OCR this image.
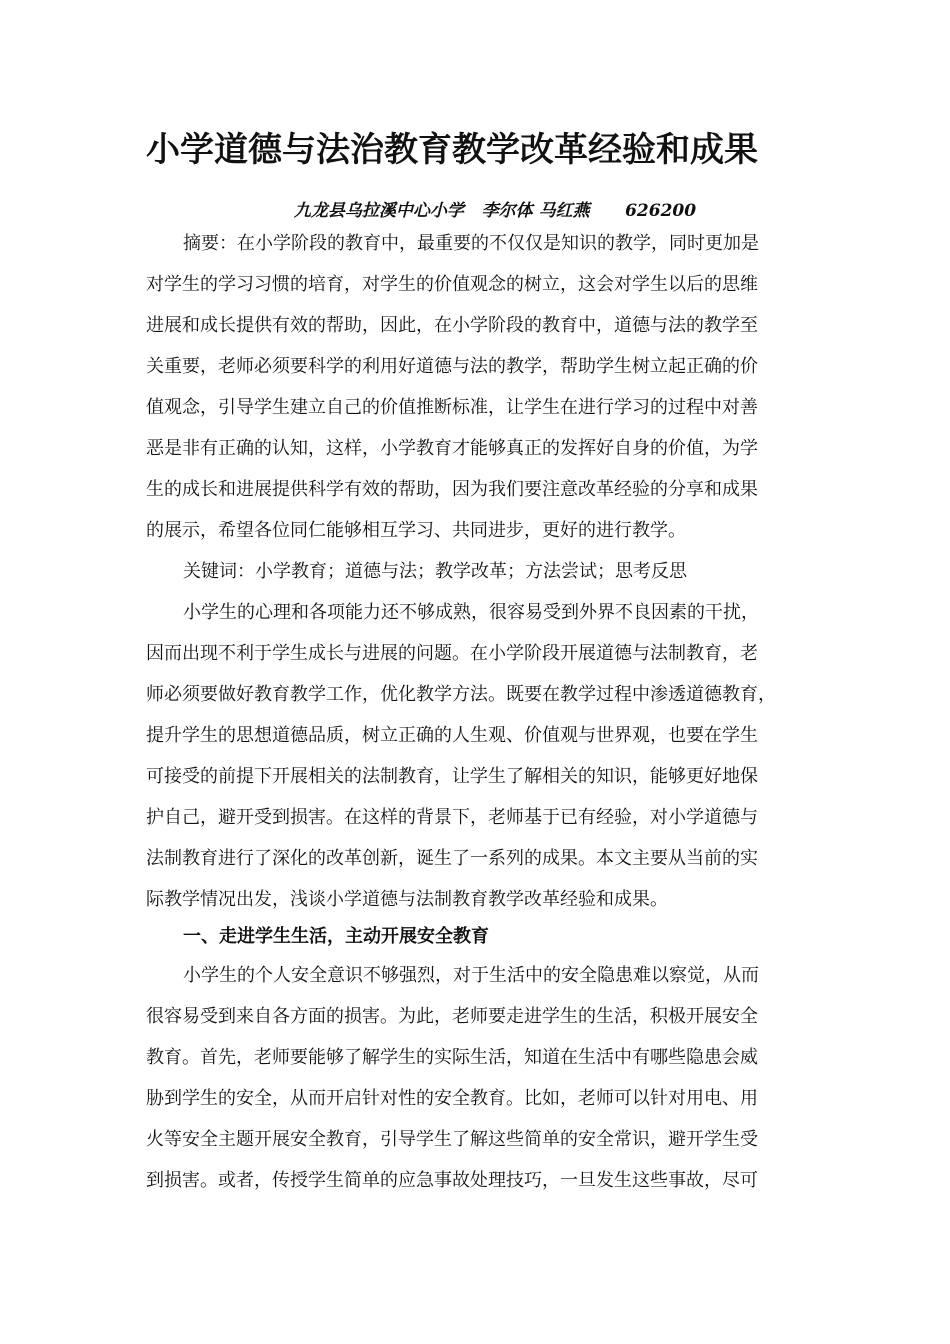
小学道德与法治教育教学改革经验和成果
九龙县乌拉溪中心小学   李尔体 马红燕      626200
摘要：在小学阶段的教育中，最重要的不仅仅是知识的教学，同时更加是
对学生的学习习惯的培育，对学生的价值观念的树立，这会对学生以后的思维
进展和成长提供有效的帮助，因此，在小学阶段的教育中，道德与法的教学至
关重要，老师必须要科学的利用好道德与法的教学，帮助学生树立起正确的价
值观念，引导学生建立自己的价值推断标准，让学生在进行学习的过程中对善
恶是非有正确的认知，这样，小学教育才能够真正的发挥好自身的价值，为学
生的成长和进展提供科学有效的帮助，因为我们要注意改革经验的分享和成果
的展示，希望各位同仁能够相互学习、共同进步，更好的进行教学。
关键词：小学教育；道德与法；教学改革；方法尝试；思考反思
小学生的心理和各项能力还不够成熟，很容易受到外界不良因素的干扰，
因而出现不利于学生成长与进展的问题。在小学阶段开展道德与法制教育，老
师必须要做好教育教学工作，优化教学方法。既要在教学过程中渗透道德教育，
提升学生的思想道德品质，树立正确的人生观、价值观与世界观，也要在学生
可接受的前提下开展相关的法制教育，让学生了解相关的知识，能够更好地保
护自己，避开受到损害。在这样的背景下，老师基于已有经验，对小学道德与
法制教育进行了深化的改革创新，诞生了一系列的成果。本文主要从当前的实
际教学情况出发，浅谈小学道德与法制教育教学改革经验和成果。
一、走进学生生活，主动开展安全教育
小学生的个人安全意识不够强烈，对于生活中的安全隐患难以察觉，从而
很容易受到来自各方面的损害。为此，老师要走进学生的生活，积极开展安全
教育。首先，老师要能够了解学生的实际生活，知道在生活中有哪些隐患会威
胁到学生的安全，从而开启针对性的安全教育。比如，老师可以针对用电、用
火等安全主题开展安全教育，引导学生了解这些简单的安全常识，避开学生受
到损害。或者，传授学生简单的应急事故处理技巧，一旦发生这些事故，尽可
